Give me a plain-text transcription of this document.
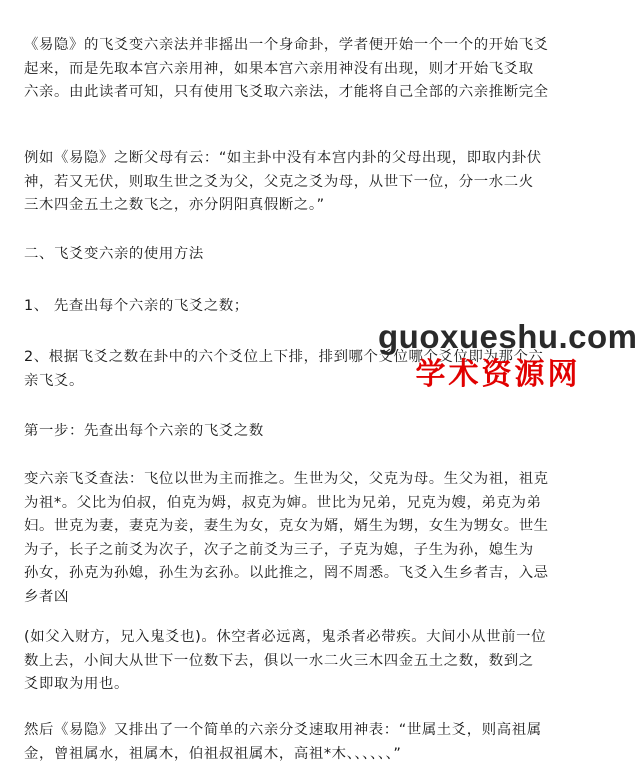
《易隐》的飞爻变六亲法并非摇出一个身命卦，学者便开始一个一个的开始飞爻
起来，而是先取本宫六亲用神，如果本宫六亲用神没有出现，则才开始飞爻取
六亲。由此读者可知，只有使用飞爻取六亲法，才能将自己全部的六亲推断完全
例如《易隐》之断父母有云：“如主卦中没有本宫内卦的父母出现，即取内卦伏
神，若又无伏，则取生世之爻为父，父克之爻为母，从世下一位，分一水二火
三木四金五土之数飞之，亦分阴阳真假断之。”
二、飞爻变六亲的使用方法
1、 先查出每个六亲的飞爻之数；
2、根据飞爻之数在卦中的六个爻位上下排，排到哪个爻位哪个爻位即为那个六
亲飞爻。
第一步：先查出每个六亲的飞爻之数
变六亲飞爻查法：飞位以世为主而推之。生世为父，父克为母。生父为祖，祖克
为祖*。父比为伯叔，伯克为姆，叔克为婶。世比为兄弟，兄克为嫂，弟克为弟
妇。世克为妻，妻克为妾，妻生为女，克女为婿，婿生为甥，女生为甥女。世生
为子，长子之前爻为次子，次子之前爻为三子，子克为媳，子生为孙，媳生为
孙女，孙克为孙媳，孙生为玄孙。以此推之，罔不周悉。飞爻入生乡者吉，入忌
乡者凶
(如父入财方，兄入鬼爻也)。休空者必远离，鬼杀者必带疾。大间小从世前一位
数上去，小间大从世下一位数下去，俱以一水二火三木四金五土之数，数到之
爻即取为用也。
然后《易隐》又排出了一个简单的六亲分爻速取用神表：“世属土爻，则高祖属
金，曾祖属水，祖属木，伯祖叔祖属木，高祖*木、、、、、、”
guoxueshu.com
学术资源网
